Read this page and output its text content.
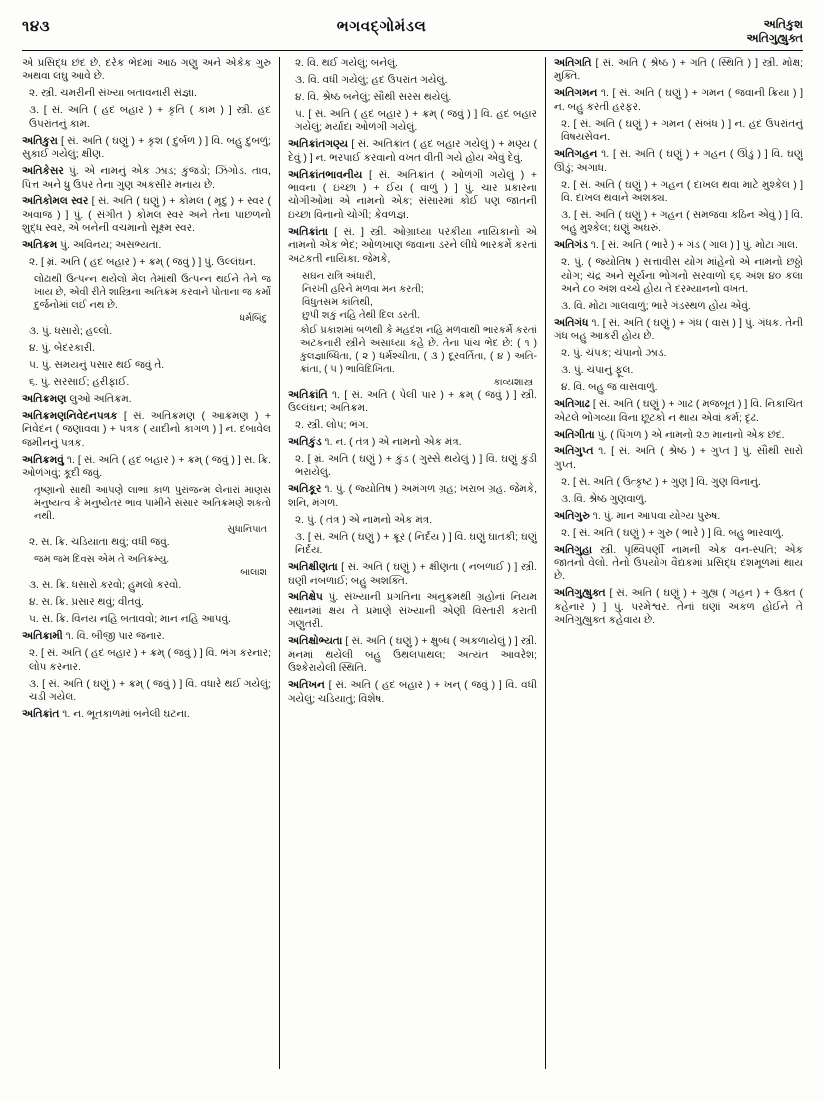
૧૪૩	ભગવદ્ગોમંડલ	અતિકુશ
અતિગુહ્યુક્ત
એ પ્રસિદ્ધ છંદ છે. દરેક ભેદમાં આઠ ગણુ અને એકેક ગુરુ અથવા લઘુ આવે છે.
૨. સ્ત્રી. ચમરીની સંખ્યા બતાવનારી સંજ્ઞા.
૩. [ સં. અતિ ( હદ બહાર ) + કૃતિ ( કામ ) ] સ્ત્રી. હદ ઉપરાંતનું કામ.
અતિકુરા [ સં. અતિ ( ઘણું ) + કૃશ ( દુર્બળ ) ] વિ. બહુ દુબળું; સુકાઈ ગયેલું; ક્ષીણ.
અતિકેસર પું. એ નામનું એક ઝાડ; કુંજડો; ઝિંગોડ. તાવ, પિત્ત અને ધ્રુ ઉપર તેના ગુણ અકસીર મનાય છે.
અતિકોમલ સ્વર [ સં. અતિ ( ઘણું ) + કોમલ ( મૃદુ ) + સ્વર ( અવાજ ) ] પું. ( સંગીત ) કોમલ સ્વર અને તેના પાછળનો શુદ્ધ સ્વર, એ બનેની વચમાનો સૂક્ષ્મ સ્વર.
અતિક્રમ પું. અવિનય; અસભ્યતા.
૨. [ મ્રં. અતિ ( હદ બહાર ) + ક્રમ્ ( જવું ) ] પું. ઉલ્લંઘન.
લોઢાથી ઉત્પન્ન થયેલો મેલ તેમાંથી ઉત્પન્ન થઈને તેને જ ખાય છે, એવી રીતે શાસ્ત્રિના અતિક્રમ કરવાને પોતાના જ કર્મો દુર્જનોમાં લઈ નથ છે.
ધર્મબિંદુ
૩. પું. ધસારો; હલ્લો.
૪. પું. બેદરકારી.
૫. પું. સમયનું પસાર થઈ જવું તે.
૬. પું. સરસાઈ; હરીફાઈ.
અતિક્રમણ લુઓ અતિક્રમ.
અતિક્રમણનિવેદનપત્રક [ સં. અતિક્રમણ ( આક્રમણ ) + નિવેદન ( જણાવવા ) + પત્રક ( યાદીનો કાગળ ) ] ન. દબાવેલ જમીનનું પત્રક.
અતિક્રમવું ૧. [ સં. અતિ ( હદ બહાર ) + ક્રમ્ ( જવું ) ] સ. ક્રિ. ઓળંગવું; કૂદી જવું.
તૃષ્ણાનો સાથી આપણે લાભા કાળ પુરાંજન્મ લેનારાં માણસ મનુષ્યત્વ કે મનુષ્યેતર ભાવ પામીને સંસાર અતિક્રમણે શકતો નથી.
સુધાનિપાત
૨. સ. ક્રિ. ચડિયાતા થવું; વધી જવું.
જમ જમ દિવસ એમ તે અતિક્રમ્યુ.
બાલાશ
૩. સ. ક્રિ. ધસારો કરવો; હુમલો કરવો.
૪. સ. ક્રિ. પ્રસાર થવું; વીતવું.
૫. સ. ક્રિ. વિનય નહિ બતાવવો; માન નહિ આપવું.
અતિક્રામી ૧. વિ. બીજી પાર જનાર.
૨. [ સં. અતિ ( હદ બહાર ) + ક્રમ્ ( જવું ) ] વિ. ભંગ કરનાર; લોપ કરનાર.
૩. [ સં. અતિ ( ઘણું ) + ક્રમ્ ( જવું ) ] વિ. વધારે થઈ ગયેલું; ચડી ગયેલ.
અતિક્રાંત ૧. ન. ભૂતકાળમાં બનેલી ઘટના.
૨. વિ. થઈ ગયેલું; બનેલું.
૩. વિ. વધી ગયેલું; હદ ઉપરાંત ગયેલું.
૪. વિ. શ્રેષ્ઠ બનેલું; સૌથી સરસ થયેલું.
૫. [ સં. અતિ ( હદ બહાર ) + ક્રમ્ ( જવું ) ] વિ. હદ બહાર ગયેલું; મર્યાદા ઓળંગી ગયેલું.
અતિક્રાંતગણ્ય [ સં. અતિક્રાંત ( હદ બહાર ગયેલું ) + મણ્ય ( દેવું ) ] ન. ભરપાઈ કરવાનો વખત વીતી ગયે હોય એવું દેવું.
અતિક્રાંતભાવનીય [ સં. અતિક્રાંત ( ઓળંગી ગયેલું ) + ભાવના ( ઇચ્છા ) + ઈય ( વાળું ) ] પું. ચાર પ્રકારના ચોગીઓમાં એ નામનો એક; સંસારમાં કોઈ પણ જાતની ઇચ્છા વિનાનો ચોગી; કેવળજ્ઞ.
અતિક્રાંતા [ સં. ] સ્ત્રી. ઓગ્રાધ્યા પરકીયા નાયિકાનો એ નામનો એક ભેદ; ઓળખાણ જવાના ડરને લીધે ભારકર્મે કરતાં અટકતી નાયિકા. જેમકે,
સઘન રાત્રિ અંધારી,
નિરખી હરિને મળવા મન કરતી;
વિધુતસમ કાંતિથી,
છુપી શકું નહિ તેથી દિલ ડરતી.
કોઈ પ્રકાશમાં બળથી કે મહદંશ નહિ મળવાથી ભારકર્મે કરતાં અટકનારી સ્ત્રીને અસાધ્યા કહે છે. તેના પાંચ ભેદ છે: ( ૧ ) કુલજ્ઞાબ્ધિતા, ( ૨ ) ધર્મશ્ચીતા, ( ૩ ) દૂરવર્તિતા, ( ૪ ) અતિ-ક્રાંતા, ( ૫ ) ભાવિદિખિતા.
કાવ્યશાસ્ત્ર
અતિક્રાંતિ ૧. [ સં. અતિ ( પેલી પાર ) + ક્રમ્ ( જવું ) ] સ્ત્રી. ઉલ્લંઘન; અતિક્રમ.
૨. સ્ત્રી. લોપ; ભંગ.
અતિકુંડ ૧. ન. ( તંત્ર ) એ નામનો એક મંત્ર.
૨. [ મ્રં. અતિ ( ઘણું ) + કુંડ ( ગુસ્સે થયેલું ) ] વિ. ઘણું કુંડી ભરાયેલું.
અતિકૂર ૧. પું. ( જ્યોતિષ ) અમંગળ ગ્રહ; ખરાબ ગ્રહ. જેમકે, શનિ, મંગળ.
૨. પું. ( તંત્ર ) એ નામનો એક મંત્ર.
૩. [ સં. અતિ ( ઘણું ) + ક્રૂર ( નિર્દય ) ] વિ. ઘણું ઘાતકી; ઘણું નિર્દય.
અતિક્ષીણતા [ સં. અતિ ( ઘણું ) + ક્ષીણતા ( નબળાઈ ) ] સ્ત્રી. ઘણી નબળાઈ; બહુ અશક્તિ.
અતિક્ષેપ પું. સંખ્યાની પ્રગતિના અનુક્રમથી ગ્રહોનાં નિયમ સ્થાનમાં ક્ષય તે પ્રમાણે સંખ્યાની એણી વિસ્તારી કરાતી ગણુતરી.
અતિક્ષોભ્યતા [ સં. અતિ ( ઘણું ) + ક્ષુબ્ધ ( અકળાયેલું ) ] સ્ત્રી. મનમાં થયેલી બહુ ઉથલપાથલ; અત્યંત આવરેશ; ઉશ્કેરાયેલી સ્થિતિ.
અતિખન [ સં. અતિ ( હદ બહાર ) + ખન્ ( જવું ) ] વિ. વધી ગયેલું; ચડિયાતું; વિશેષ.
અતિગતિ [ સં. અતિ ( શ્રેષ્ઠ ) + ગતિ ( સ્થિતિ ) ] સ્ત્રી. મોક્ષ; મુક્તિ.
અતિગમન ૧. [ સં. અતિ ( ઘણું ) + ગમન ( જવાની ક્રિયા ) ] ન. બહુ કરતી હરફર.
૨. [ સં. અતિ ( ઘણું ) + ગમન ( સંબંધ ) ] ન. હદ ઉપરાંતનું વિષયસેવન.
અતિગહન ૧. [ સં. અતિ ( ઘણું ) + ગહન ( ઊંડું ) ] વિ. ઘણું ઊંડું; અગાધ.
૨. [ સં. અતિ ( ઘણું ) + ગહન ( દાખલ થવા માટે મુશ્કેલ ) ] વિ. દાખલ થવાને અશક્ય.
૩. [ સં. અતિ ( ઘણું ) + ગહન ( સમજવા કઠિન એવું ) ] વિ. બહુ મુશ્કેલ; ઘણું અઘરું.
અતિગંડ ૧. [ સં. અતિ ( ભારે ) + ગંડ ( ગાલ ) ] પું. મોટા ગાલ.
૨. પું. ( જ્યોતિષ ) સત્તાવીસ યોગ માંહેનો એ નામનો છઠ્ઠો યોગ; ચંદ્ર અને સૂર્યના ભોગનો સરવાળો ૬૬ અંશ ૪૦ કલા અને ૮૦ અંશ વચ્ચે હોય તે દરમ્યાનનો વખત.
૩. વિ. મોટા ગાલવાળું; ભારે ગંડસ્થળ હોય એવું.
અતિગંધ ૧. [ સં. અતિ ( ઘણું ) + ગંધ ( વાસ ) ] પું. ગંધક. તેની ગંધ બહુ આકરી હોય છે.
૨. પું. ચંપક; ચંપાનો ઝાડ.
૩. પું. ચંપાનું ફૂલ.
૪. વિ. બહુ જ વાસવાળું.
અતિગાઢ [ સં. અતિ ( ઘણું ) + ગાઢ ( મજબૂત ) ] વિ. નિકાચિત એટલે ભોગવ્યા વિના છૂટકો ન થાય એવાં કર્મ; દૃઢ.
અતિગીતા પું. ( પિંગળ ) એ નામનો ૨૭ માનાનો એક છંદ.
અતિગુપ્ત ૧. [ સં. અતિ ( શ્રેષ્ઠ ) + ગુપ્ત ] પું. સૌથી સારો ગુપ્ત.
૨. [ સં. અતિ ( ઉત્કૃષ્ટ ) + ગુણ ] વિ. ગુણ વિનાનું.
૩. વિ. શ્રેષ્ઠ ગુણવાળું.
અતિગુરુ ૧. પું. માન આપવા યોગ્ય પુરુષ.
૨. [ સં. અતિ ( ઘણું ) + ગુરુ ( ભારે ) ] વિ. બહુ ભારવાળું.
અતિગુહા સ્ત્રી. પૃથ્વિપર્ણી નામની એક વન-સ્પતિ; એક જાતનો વેલો. તેનો ઉપયોગ વૈદ્યકમાં પ્રસિદ્ધ દશમૂળમાં થાય છે.
અતિગુહ્યુક્ત [ સં. અતિ ( ઘણું ) + ગુહ્ય ( ગહન ) + ઉક્ત ( કહેનાર ) ] પું. પરમેશ્વર. તેનાં ઘણાં અકળ હોઈને તે અતિગુહ્યુક્ત કહેવાય છે.
